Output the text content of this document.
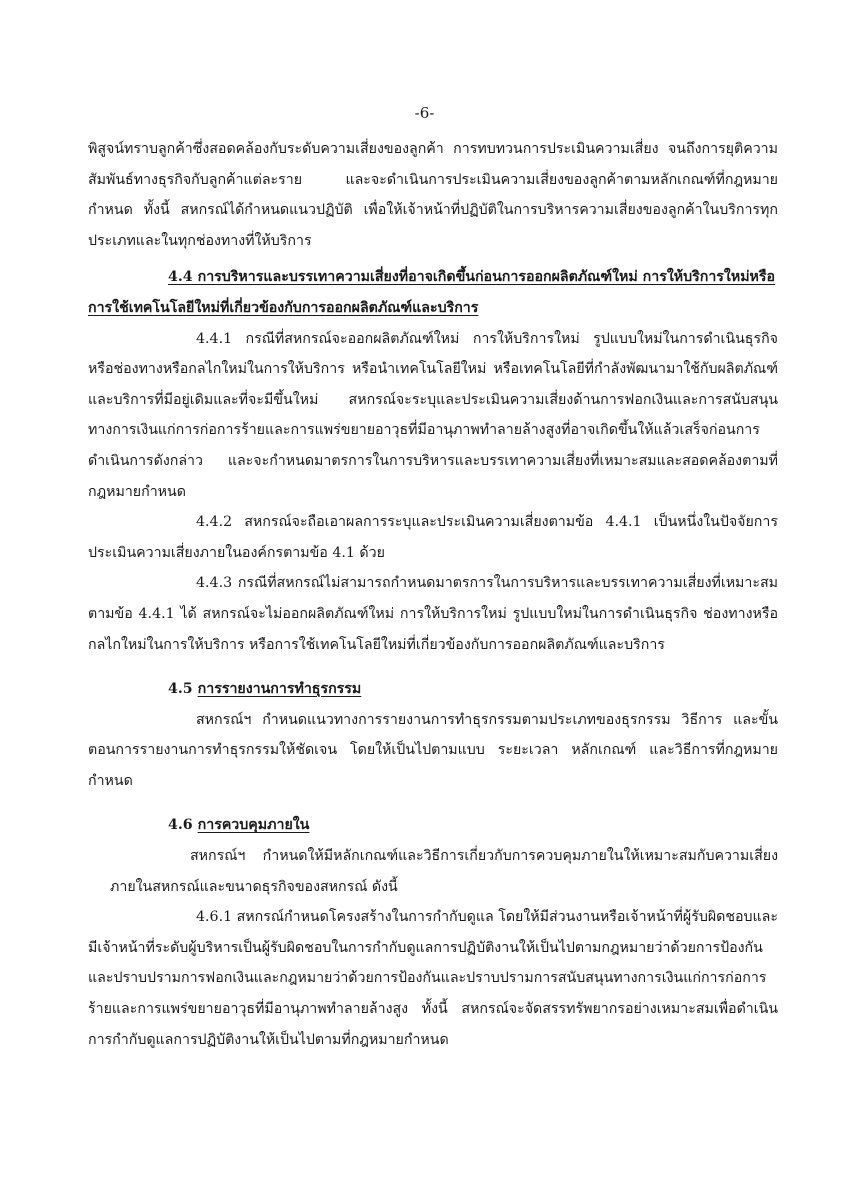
-6-

พิสูจน์ทราบลูกค้าซึ่งสอดคล้องกับระดับความเสี่ยงของลูกค้า การทบทวนการประเมินความเสี่ยง จนถึงการยุติความสัมพันธ์ทางธุรกิจกับลูกค้าแต่ละราย และจะดำเนินการประเมินความเสี่ยงของลูกค้าตามหลักเกณฑ์ที่กฎหมายกำหนด ทั้งนี้ สหกรณ์ได้กำหนดแนวปฏิบัติ เพื่อให้เจ้าหน้าที่ปฏิบัติในการบริหารความเสี่ยงของลูกค้าในบริการทุกประเภทและในทุกช่องทางที่ให้บริการ

4.4 การบริหารและบรรเทาความเสี่ยงที่อาจเกิดขึ้นก่อนการออกผลิตภัณฑ์ใหม่ การให้บริการใหม่หรือการใช้เทคโนโลยีใหม่ที่เกี่ยวข้องกับการออกผลิตภัณฑ์และบริการ

4.4.1 กรณีที่สหกรณ์จะออกผลิตภัณฑ์ใหม่ การให้บริการใหม่ รูปแบบใหม่ในการดำเนินธุรกิจ หรือช่องทางหรือกลไกใหม่ในการให้บริการ หรือนำเทคโนโลยีใหม่ หรือเทคโนโลยีที่กำลังพัฒนามาใช้กับผลิตภัณฑ์และบริการที่มีอยู่เดิมและที่จะมีขึ้นใหม่ สหกรณ์จะระบุและประเมินความเสี่ยงด้านการฟอกเงินและการสนับสนุนทางการเงินแก่การก่อการร้ายและการแพร่ขยายอาวุธที่มีอานุภาพทำลายล้างสูงที่อาจเกิดขึ้นให้แล้วเสร็จก่อนการดำเนินการดังกล่าว และจะกำหนดมาตรการในการบริหารและบรรเทาความเสี่ยงที่เหมาะสมและสอดคล้องตามที่กฎหมายกำหนด

4.4.2 สหกรณ์จะถือเอาผลการระบุและประเมินความเสี่ยงตามข้อ 4.4.1 เป็นหนึ่งในปัจจัยการประเมินความเสี่ยงภายในองค์กรตามข้อ 4.1 ด้วย

4.4.3 กรณีที่สหกรณ์ไม่สามารถกำหนดมาตรการในการบริหารและบรรเทาความเสี่ยงที่เหมาะสมตามข้อ 4.4.1 ได้ สหกรณ์จะไม่ออกผลิตภัณฑ์ใหม่ การให้บริการใหม่ รูปแบบใหม่ในการดำเนินธุรกิจ ช่องทางหรือกลไกใหม่ในการให้บริการ หรือการใช้เทคโนโลยีใหม่ที่เกี่ยวข้องกับการออกผลิตภัณฑ์และบริการ

4.5 การรายงานการทำธุรกรรม

สหกรณ์ฯ กำหนดแนวทางการรายงานการทำธุรกรรมตามประเภทของธุรกรรม วิธีการ และขั้นตอนการรายงานการทำธุรกรรมให้ชัดเจน โดยให้เป็นไปตามแบบ ระยะเวลา หลักเกณฑ์ และวิธีการที่กฎหมายกำหนด

4.6 การควบคุมภายใน

สหกรณ์ฯ กำหนดให้มีหลักเกณฑ์และวิธีการเกี่ยวกับการควบคุมภายในให้เหมาะสมกับความเสี่ยงภายในสหกรณ์และขนาดธุรกิจของสหกรณ์ ดังนี้

4.6.1 สหกรณ์กำหนดโครงสร้างในการกำกับดูแล โดยให้มีส่วนงานหรือเจ้าหน้าที่ผู้รับผิดชอบและมีเจ้าหน้าที่ระดับผู้บริหารเป็นผู้รับผิดชอบในการกำกับดูแลการปฏิบัติงานให้เป็นไปตามกฎหมายว่าด้วยการป้องกันและปราบปรามการฟอกเงินและกฎหมายว่าด้วยการป้องกันและปราบปรามการสนับสนุนทางการเงินแก่การก่อการร้ายและการแพร่ขยายอาวุธที่มีอานุภาพทำลายล้างสูง ทั้งนี้ สหกรณ์จะจัดสรรทรัพยากรอย่างเหมาะสมเพื่อดำเนินการกำกับดูแลการปฏิบัติงานให้เป็นไปตามที่กฎหมายกำหนด
